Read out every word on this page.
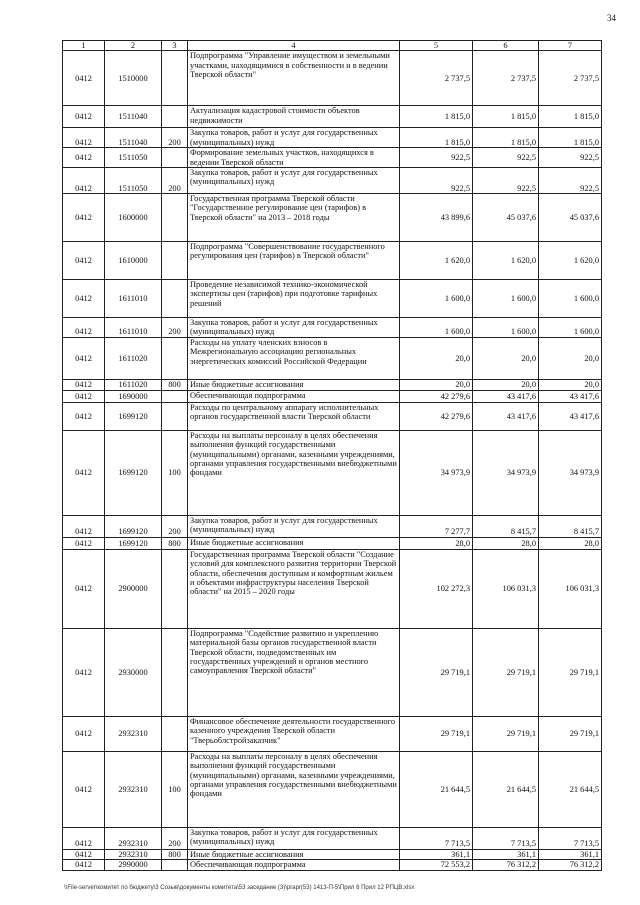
34
1	2	3	4	5	6	7
0412	1510000		Подпрограмма "Управление имуществом и земельными участками, находящимися в собственности и в ведении Тверской области"	2 737,5	2 737,5	2 737,5
0412	1511040		Актуализация кадастровой стоимости объектов недвижимости	1 815,0	1 815,0	1 815,0
0412	1511040	200	Закупка товаров, работ и услуг для государственных (муниципальных) нужд	1 815,0	1 815,0	1 815,0
0412	1511050		Формирование земельных участков, находящихся в ведении Тверской области	922,5	922,5	922,5
0412	1511050	200	Закупка товаров, работ и услуг для государственных (муниципальных) нужд	922,5	922,5	922,5
0412	1600000		Государственная программа Тверской области "Государственное регулирование цен (тарифов) в Тверской области" на 2013 – 2018 годы	43 899,6	45 037,6	45 037,6
0412	1610000		Подпрограмма "Совершенствование государственного регулирования цен (тарифов) в Тверской области"	1 620,0	1 620,0	1 620,0
0412	1611010		Проведение независимой технико-экономической экспертизы цен (тарифов) при подготовке тарифных решений	1 600,0	1 600,0	1 600,0
0412	1611010	200	Закупка товаров, работ и услуг для государственных (муниципальных) нужд	1 600,0	1 600,0	1 600,0
0412	1611020		Расходы на уплату членских взносов в Межрегиональную ассоциацию региональных энергетических комиссий Российской Федерации	20,0	20,0	20,0
0412	1611020	800	Иные бюджетные ассигнования	20,0	20,0	20,0
0412	1690000		Обеспечивающая подпрограмма	42 279,6	43 417,6	43 417,6
0412	1699120		Расходы по центральному аппарату исполнительных органов государственной власти Тверской области	42 279,6	43 417,6	43 417,6
0412	1699120	100	Расходы на выплаты персоналу в целях обеспечения выполнения функций государственными (муниципальными) органами, казенными учреждениями, органами управления государственными внебюджетными фондами	34 973,9	34 973,9	34 973,9
0412	1699120	200	Закупка товаров, работ и услуг для государственных (муниципальных) нужд	7 277,7	8 415,7	8 415,7
0412	1699120	800	Иные бюджетные ассигнования	28,0	28,0	28,0
0412	2900000		Государственная программа Тверской области "Создание условий для комплексного развития территории Тверской области, обеспечения доступным и комфортным жильем и объектами инфраструктуры населения Тверской области" на 2015 – 2020 годы	102 272,3	106 031,3	106 031,3
0412	2930000		Подпрограмма "Содействие развитию и укреплению материальной базы органов государственной власти Тверской области, подведомственных им государственных учреждений и органов местного самоуправления Тверской области"	29 719,1	29 719,1	29 719,1
0412	2932310		Финансовое обеспечение деятельности государственного казенного учреждения Тверской области "Тверьоблстройзаказчик"	29 719,1	29 719,1	29 719,1
0412	2932310	100	Расходы на выплаты персоналу в целях обеспечения выполнения функций государственными (муниципальными) органами, казенными учреждениями, органами управления государственными внебюджетными фондами	21 644,5	21 644,5	21 644,5
0412	2932310	200	Закупка товаров, работ и услуг для государственных (муниципальных) нужд	7 713,5	7 713,5	7 713,5
0412	2932310	800	Иные бюджетные ассигнования	361,1	361,1	361,1
0412	2990000		Обеспечивающая подпрограмма	72 553,2	76 312,2	76 312,2
\\File-server\комитет по бюджету\3 Созыв\документы комитета\53 заседание (3)\prapr(53) 1413-П-5\Прил 8 Прил 12 РПЦВ.xlsx
